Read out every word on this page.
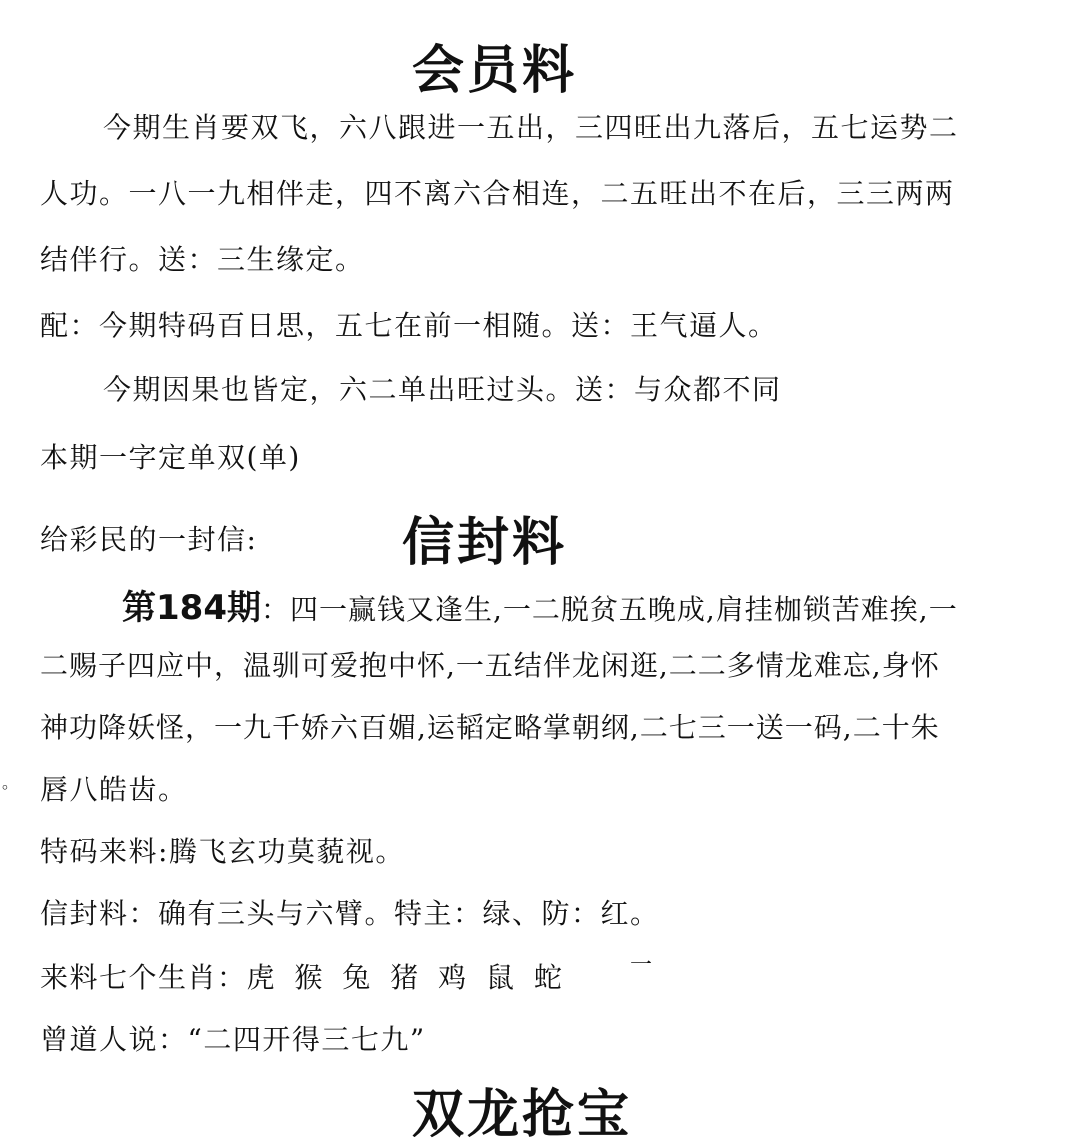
会员料
今期生肖要双飞，六八跟进一五出，三四旺出九落后，五七运势二
人功。一八一九相伴走，四不离六合相连，二五旺出不在后，三三两两
结伴行。送：三生缘定。
配：今期特码百日思，五七在前一相随。送：王气逼人。
今期因果也皆定，六二单出旺过头。送：与众都不同
本期一字定单双(单)
给彩民的一封信:	信封料
第184期：四一赢钱又逢生,一二脱贫五晚成,肩挂枷锁苦难挨,一
二赐子四应中，温驯可爱抱中怀,一五结伴龙闲逛,二二多情龙难忘,身怀
神功降妖怪，一九千娇六百媚,运韬定略掌朝纲,二七三一送一码,二十朱
。 唇八皓齿。
特码来料:腾飞玄功莫藐视。
信封料：确有三头与六臂。特主：绿、防：红。
来料七个生肖：虎 猴 兔 猪 鸡 鼠 蛇	一
曾道人说：“二四开得三七九”
双龙抢宝
